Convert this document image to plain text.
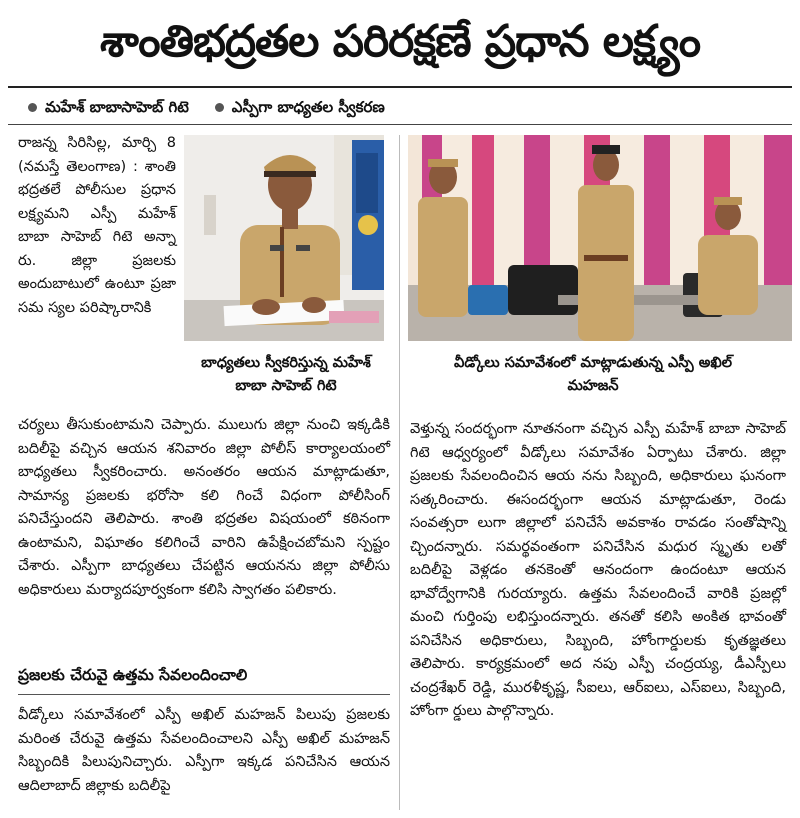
శాంతిభద్రతల పరిరక్షణే ప్రధాన లక్ష్యం
మహేశ్ బాబాసాహెబ్ గిటె	ఎస్పీగా బాధ్యతల స్వీకరణ

రాజన్న సిరిసిల్ల, మార్చి 8 (నమస్తే తెలంగాణ) : శాంతి భద్రతలే పోలీసుల ప్రధాన లక్ష్యమని ఎస్పీ మహేశ్ బాబా సాహెబ్ గిటె అన్నా రు. జిల్లా ప్రజలకు అందుబాటులో ఉంటూ ప్రజా సమ స్యల పరిష్కారానికి

బాధ్యతలు స్వీకరిస్తున్న మహేశ్ బాబా సాహెబ్ గిటె

వీడ్కోలు సమావేశంలో మాట్లాడుతున్న ఎస్పీ అఖిల్ మహజన్

చర్యలు తీసుకుంటామని చెప్పారు. ములుగు జిల్లా నుంచి ఇక్కడికి బదిలీపై వచ్చిన ఆయన శనివారం జిల్లా పోలీస్ కార్యాలయంలో బాధ్యతలు స్వీకరించారు. అనంతరం ఆయన మాట్లాడుతూ, సామాన్య ప్రజలకు భరోసా కలి గించే విధంగా పోలీసింగ్ పనిచేస్తుందని తెలిపారు. శాంతి భద్రతల విషయంలో కఠినంగా ఉంటామని, విఘాతం కలిగించే వారిని ఉపేక్షించబోమని స్పష్టం చేశారు. ఎస్పీగా బాధ్యతలు చేపట్టిన ఆయనను జిల్లా పోలీసు అధికారులు మర్యాదపూర్వకంగా కలిసి స్వాగతం పలికారు.

ప్రజలకు చేరువై ఉత్తమ సేవలందించాలి

వీడ్కోలు సమావేశంలో ఎస్పీ అఖిల్ మహజన్ పిలుపు ప్రజలకు మరింత చేరువై ఉత్తమ సేవలందించాలని ఎస్పీ అఖిల్ మహజన్ సిబ్బందికి పిలుపునిచ్చారు. ఎస్పీగా ఇక్కడ పనిచేసిన ఆయన ఆదిలాబాద్ జిల్లాకు బదిలీపై

వెళ్తున్న సందర్భంగా నూతనంగా వచ్చిన ఎస్పీ మహేశ్ బాబా సాహెబ్ గిటె ఆధ్వర్యంలో వీడ్కోలు సమావేశం ఏర్పాటు చేశారు. జిల్లా ప్రజలకు సేవలందించిన ఆయ నను సిబ్బంది, అధికారులు ఘనంగా సత్కరించారు. ఈసందర్భంగా ఆయన మాట్లాడుతూ, రెండు సంవత్సరా లుగా జిల్లాలో పనిచేసే అవకాశం రావడం సంతోషాన్ని చ్చిందన్నారు. సమర్థవంతంగా పనిచేసిన మధుర స్మృతు లతో బదిలీపై వెళ్లడం తనకెంతో ఆనందంగా ఉందంటూ ఆయన భావోద్వేగానికి గురయ్యారు. ఉత్తమ సేవలందించే వారికి ప్రజల్లో మంచి గుర్తింపు లభిస్తుందన్నారు. తనతో కలిసి అంకిత భావంతో పనిచేసిన అధికారులు, సిబ్బంది, హోంగార్డులకు కృతజ్ఞతలు తెలిపారు. కార్యక్రమంలో అద నపు ఎస్పీ చంద్రయ్య, డీఎస్పీలు చంద్రశేఖర్ రెడ్డి, మురళీకృష్ణ, సీఐలు, ఆర్‌ఐలు, ఎస్‌ఐలు, సిబ్బంది, హోంగా ర్డులు పాల్గొన్నారు.
